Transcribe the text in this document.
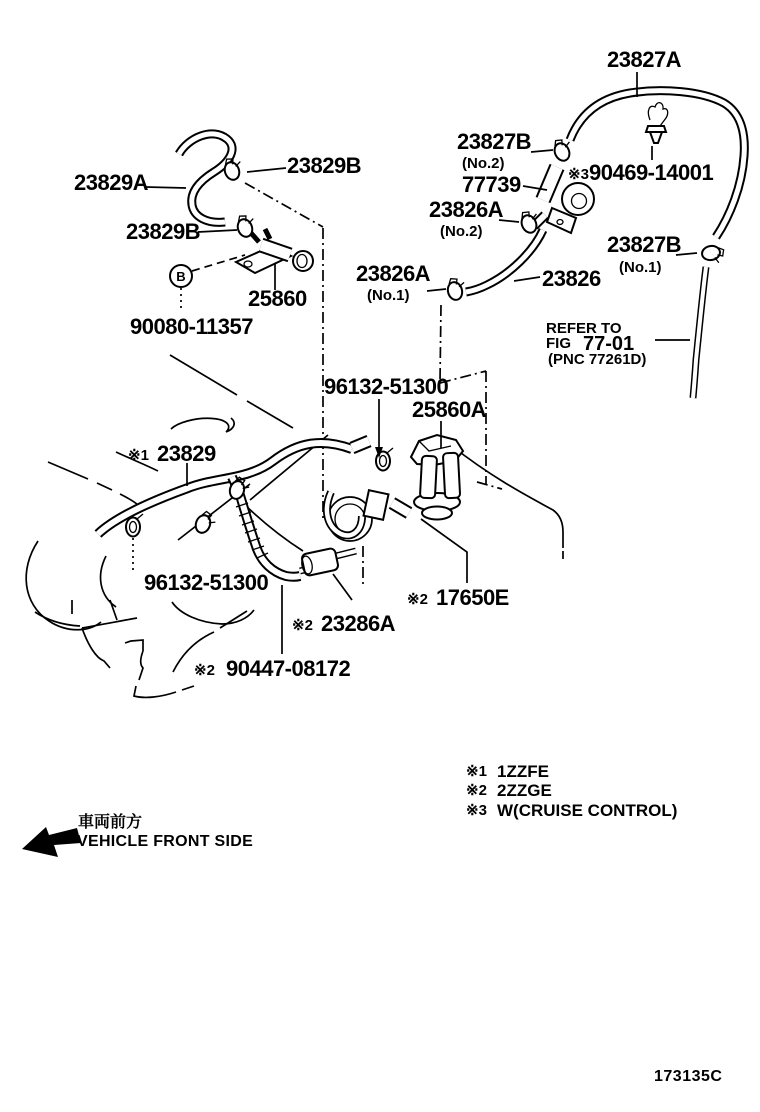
23827A
※3 90469-14001
23827B
(No.2)
77739
23826
23826A
(No.2)
23826A
(No.1)
23827B
(No.1)
REFER TO
FIG 77-01
(PNC 77261D)
23829A
23829B
23829B
25860
B
90080-11357
※1 23829
96132-51300
96132-51300
25860A
※2 17650E
※2 90447-08172
※2 23286A
※1 1ZZFE
※2 2ZZGE
※3 W(CRUISE CONTROL)
車両前方
VEHICLE FRONT SIDE
173135C
